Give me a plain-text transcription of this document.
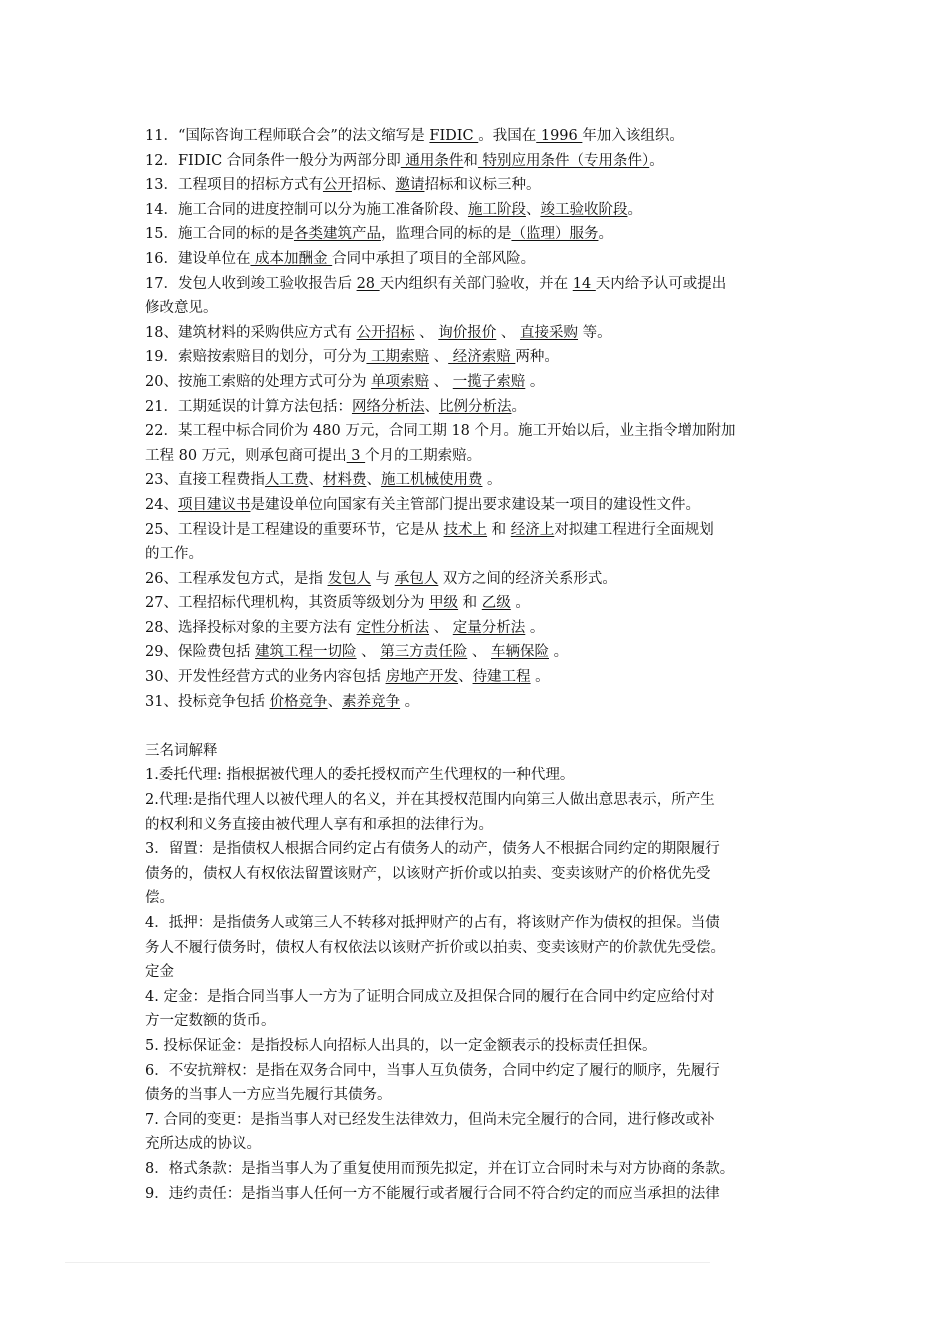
11．“国际咨询工程师联合会”的法文缩写是 FIDIC 。我国在 1996 年加入该组织。
12．FIDIC 合同条件一般分为两部分即 通用条件和 特别应用条件（专用条件）。
13．工程项目的招标方式有公开招标、邀请招标和议标三种。
14．施工合同的进度控制可以分为施工准备阶段、施工阶段、竣工验收阶段。
15．施工合同的标的是各类建筑产品，监理合同的标的是（监理）服务。
16．建设单位在 成本加酬金 合同中承担了项目的全部风险。
17．发包人收到竣工验收报告后 28 天内组织有关部门验收，并在 14 天内给予认可或提出
修改意见。
18、建筑材料的采购供应方式有 公开招标 、 询价报价 、 直接采购 等。
19．索赔按索赔目的划分，可分为 工期索赔 、 经济索赔 两种。
20、按施工索赔的处理方式可分为 单项索赔 、 一揽子索赔 。
21．工期延误的计算方法包括：网络分析法、比例分析法。
22．某工程中标合同价为 480 万元，合同工期 18 个月。施工开始以后，业主指令增加附加
工程 80 万元，则承包商可提出 3 个月的工期索赔。
23、直接工程费指人工费、材料费、施工机械使用费 。
24、项目建议书是建设单位向国家有关主管部门提出要求建设某一项目的建设性文件。
25、工程设计是工程建设的重要环节，它是从 技术上 和 经济上对拟建工程进行全面规划
的工作。
26、工程承发包方式，是指 发包人 与 承包人 双方之间的经济关系形式。
27、工程招标代理机构，其资质等级划分为 甲级 和 乙级 。
28、选择投标对象的主要方法有 定性分析法 、 定量分析法 。
29、保险费包括 建筑工程一切险 、 第三方责任险 、 车辆保险 。
30、开发性经营方式的业务内容包括 房地产开发、待建工程 。
31、投标竞争包括 价格竞争、素养竞争 。
三名词解释
1.委托代理: 指根据被代理人的委托授权而产生代理权的一种代理。
2.代理:是指代理人以被代理人的名义，并在其授权范围内向第三人做出意思表示，所产生
的权利和义务直接由被代理人享有和承担的法律行为。
3．留置：是指债权人根据合同约定占有债务人的动产，债务人不根据合同约定的期限履行
债务的，债权人有权依法留置该财产，以该财产折价或以拍卖、变卖该财产的价格优先受
偿。
4．抵押：是指债务人或第三人不转移对抵押财产的占有，将该财产作为债权的担保。当债
务人不履行债务时，债权人有权依法以该财产折价或以拍卖、变卖该财产的价款优先受偿。
定金
4. 定金：是指合同当事人一方为了证明合同成立及担保合同的履行在合同中约定应给付对
方一定数额的货币。
5. 投标保证金：是指投标人向招标人出具的，以一定金额表示的投标责任担保。
6．不安抗辩权：是指在双务合同中，当事人互负债务，合同中约定了履行的顺序，先履行
债务的当事人一方应当先履行其债务。
7. 合同的变更：是指当事人对已经发生法律效力，但尚未完全履行的合同，进行修改或补
充所达成的协议。
8．格式条款：是指当事人为了重复使用而预先拟定，并在订立合同时未与对方协商的条款。
9．违约责任：是指当事人任何一方不能履行或者履行合同不符合约定的而应当承担的法律
